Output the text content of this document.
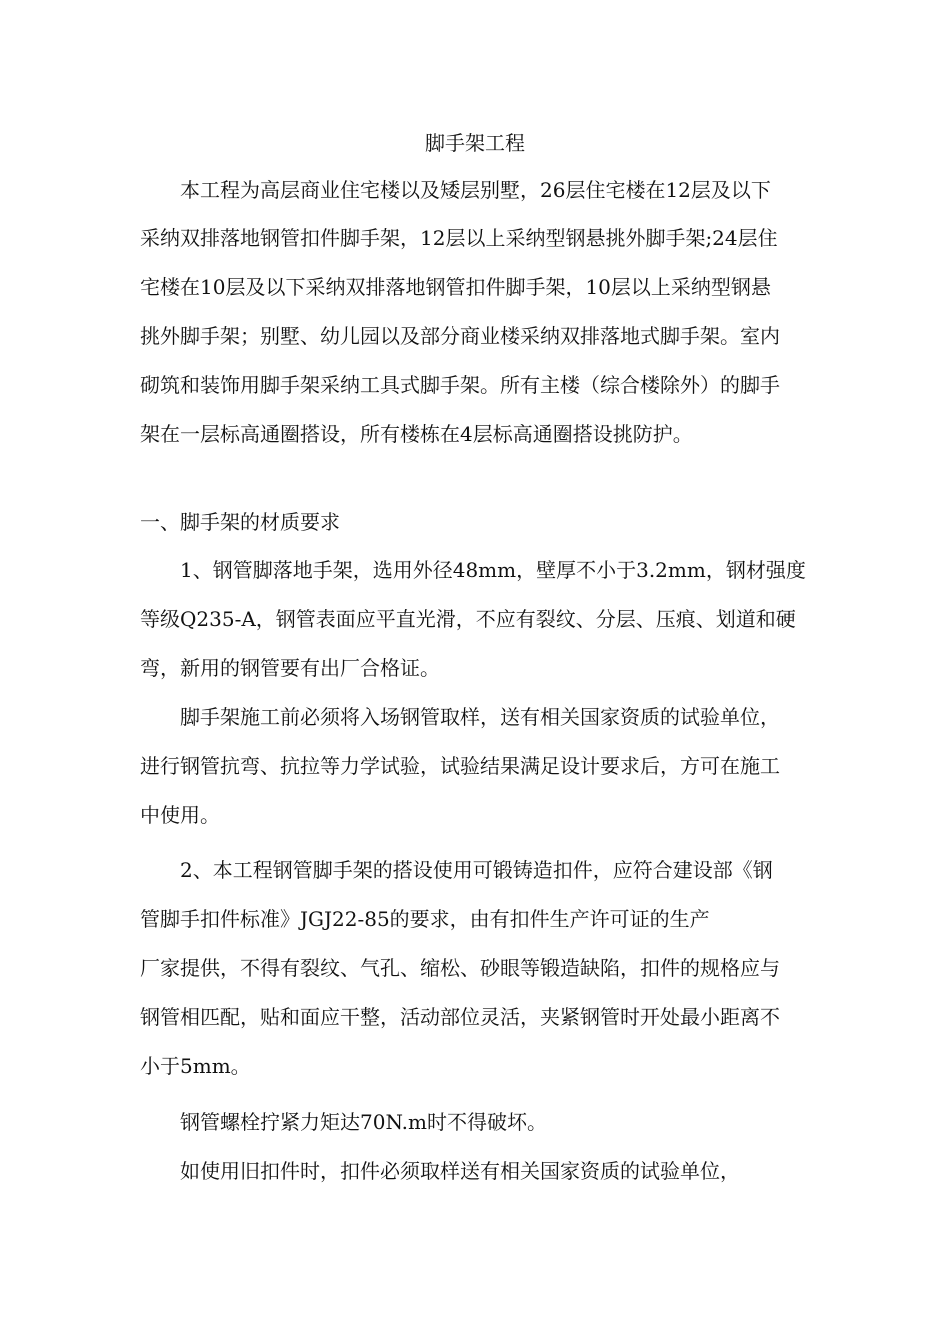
脚手架工程
本工程为高层商业住宅楼以及矮层别墅，26层住宅楼在12层及以下
采纳双排落地钢管扣件脚手架，12层以上采纳型钢悬挑外脚手架;24层住
宅楼在10层及以下采纳双排落地钢管扣件脚手架，10层以上采纳型钢悬
挑外脚手架；别墅、幼儿园以及部分商业楼采纳双排落地式脚手架。室内
砌筑和装饰用脚手架采纳工具式脚手架。所有主楼（综合楼除外）的脚手
架在一层标高通圈搭设，所有楼栋在4层标高通圈搭设挑防护。
一、脚手架的材质要求
1、钢管脚落地手架，选用外径48mm，壁厚不小于3.2mm，钢材强度
等级Q235-A，钢管表面应平直光滑，不应有裂纹、分层、压痕、划道和硬
弯，新用的钢管要有出厂合格证。
脚手架施工前必须将入场钢管取样，送有相关国家资质的试验单位，
进行钢管抗弯、抗拉等力学试验，试验结果满足设计要求后，方可在施工
中使用。
2、本工程钢管脚手架的搭设使用可锻铸造扣件，应符合建设部《钢
管脚手扣件标准》JGJ22-85的要求，由有扣件生产许可证的生产
厂家提供，不得有裂纹、气孔、缩松、砂眼等锻造缺陷，扣件的规格应与
钢管相匹配，贴和面应干整，活动部位灵活，夹紧钢管时开处最小距离不
小于5mm。
钢管螺栓拧紧力矩达70N.m时不得破坏。
如使用旧扣件时，扣件必须取样送有相关国家资质的试验单位，
